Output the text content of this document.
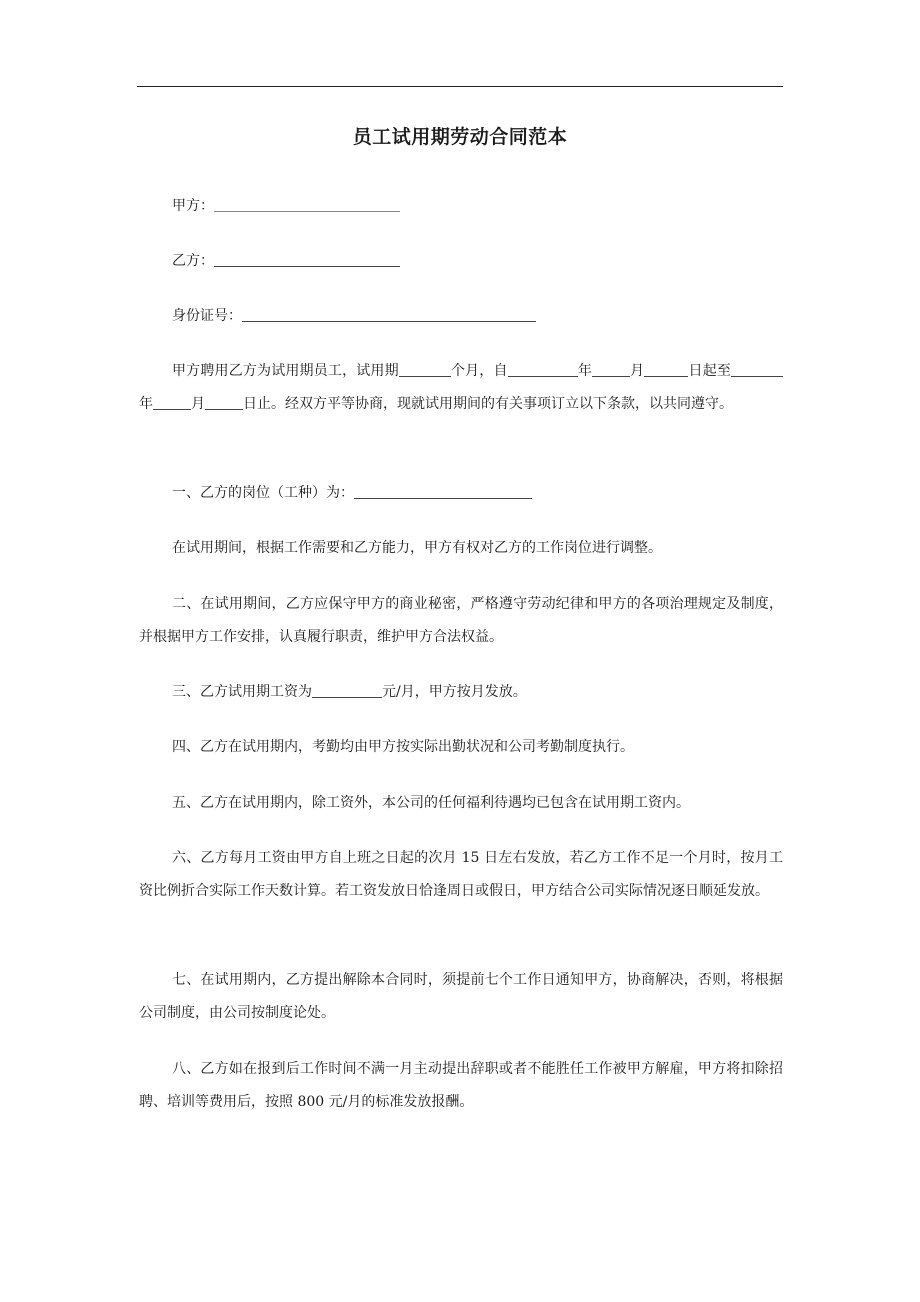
员工试用期劳动合同范本
甲方：
乙方：
身份证号：
甲方聘用乙方为试用期员工，试用期	个月，自	年	月	日起至年	月	日止。经双方平等协商，现就试用期间的有关事项订立以下条款，以共同遵守。
一、乙方的岗位（工种）为：
在试用期间，根据工作需要和乙方能力，甲方有权对乙方的工作岗位进行调整。
二、在试用期间，乙方应保守甲方的商业秘密，严格遵守劳动纪律和甲方的各项治理规定及制度，并根据甲方工作安排，认真履行职责，维护甲方合法权益。
三、乙方试用期工资为	元/月，甲方按月发放。
四、乙方在试用期内，考勤均由甲方按实际出勤状况和公司考勤制度执行。
五、乙方在试用期内，除工资外，本公司的任何福利待遇均已包含在试用期工资内。
六、乙方每月工资由甲方自上班之日起的次月 15 日左右发放，若乙方工作不足一个月时，按月工资比例折合实际工作天数计算。若工资发放日恰逢周日或假日，甲方结合公司实际情况逐日顺延发放。
七、在试用期内，乙方提出解除本合同时，须提前七个工作日通知甲方，协商解决，否则，将根据公司制度，由公司按制度论处。
八、乙方如在报到后工作时间不满一月主动提出辞职或者不能胜任工作被甲方解雇，甲方将扣除招聘、培训等费用后，按照 800 元/月的标准发放报酬。
